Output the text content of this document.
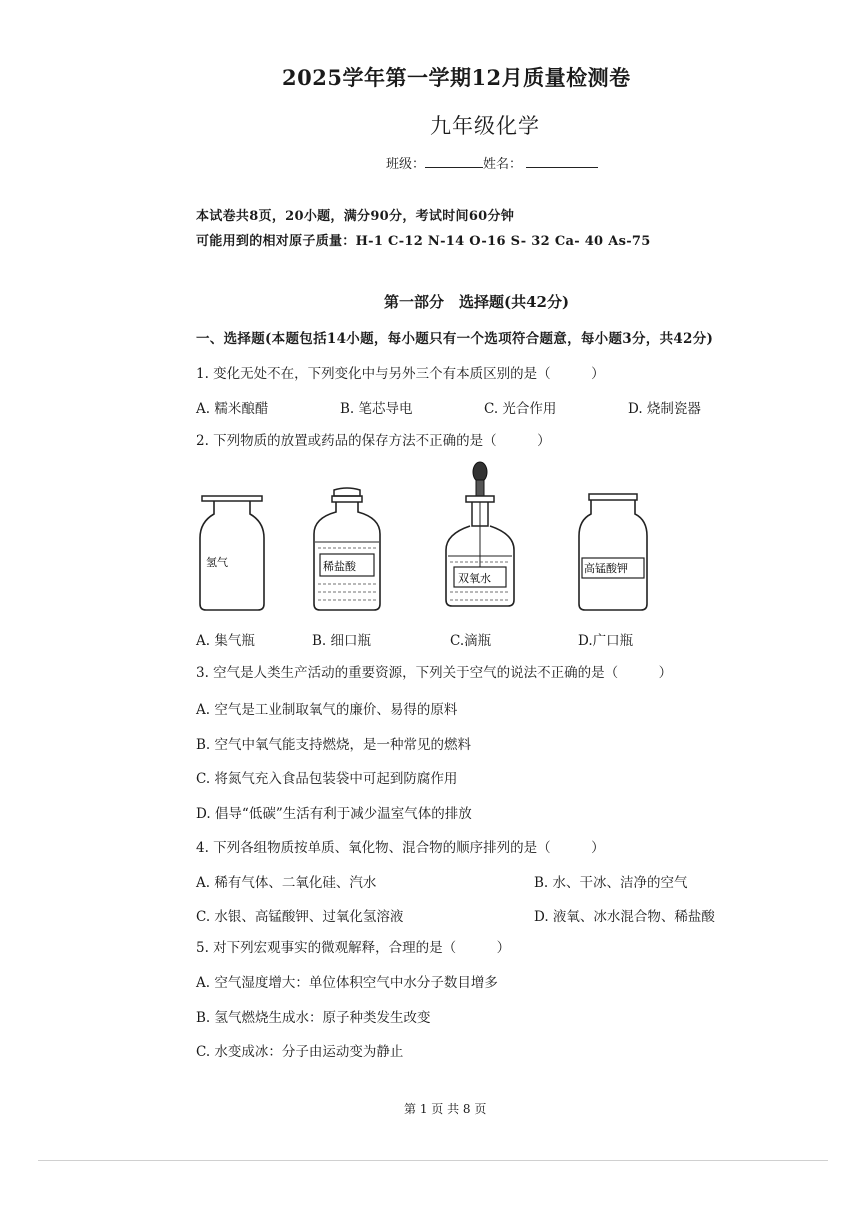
2025学年第一学期12月质量检测卷
九年级化学
班级：	姓名：
本试卷共8页，20小题，满分90分，考试时间60分钟
可能用到的相对原子质量：H-1 C-12 N-14 O-16 S- 32 Ca- 40 As-75
第一部分　选择题(共42分)
一、选择题(本题包括14小题，每小题只有一个选项符合题意，每小题3分，共42分)
1. 变化无处不在，下列变化中与另外三个有本质区别的是（　　　）
A. 糯米酿醋	B. 笔芯导电	C. 光合作用	D. 烧制瓷器
2. 下列物质的放置或药品的保存方法不正确的是（　　　）
氢气	稀盐酸
双氧水
高锰酸钾
A. 集气瓶	B. 细口瓶	C.滴瓶	D.广口瓶
3. 空气是人类生产活动的重要资源，下列关于空气的说法不正确的是（　　　）
A. 空气是工业制取氧气的廉价、易得的原料
B. 空气中氧气能支持燃烧，是一种常见的燃料
C. 将氮气充入食品包装袋中可起到防腐作用
D. 倡导“低碳”生活有利于减少温室气体的排放
4. 下列各组物质按单质、氧化物、混合物的顺序排列的是（　　　）
A. 稀有气体、二氧化硅、汽水	B. 水、干冰、洁净的空气
C. 水银、高锰酸钾、过氧化氢溶液	D. 液氧、冰水混合物、稀盐酸
5. 对下列宏观事实的微观解释，合理的是（　　　）
A. 空气湿度增大：单位体积空气中水分子数目增多
B. 氢气燃烧生成水：原子种类发生改变
C. 水变成冰：分子由运动变为静止
第 1 页 共 8 页
